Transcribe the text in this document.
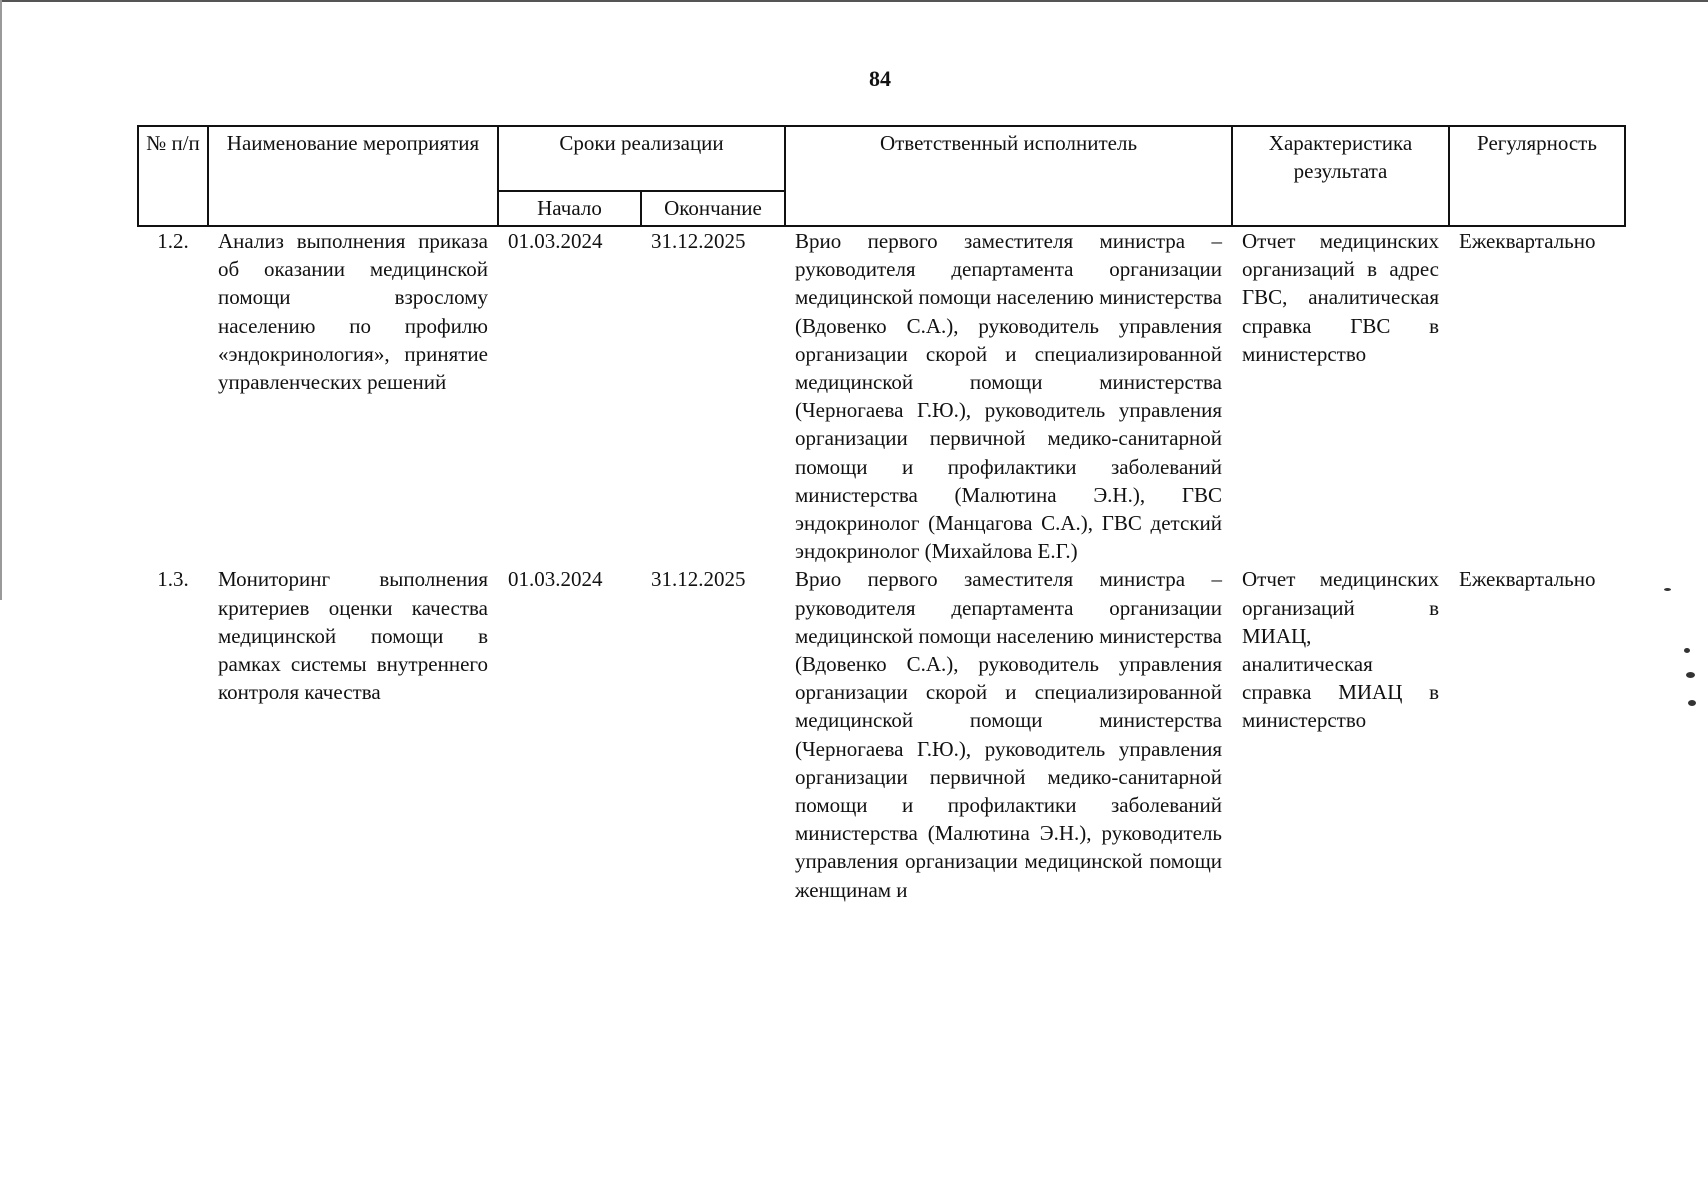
84
№ п/п	Наименование мероприятия	Сроки реализации		Ответственный исполнитель	Характеристика результата	Регулярность
		Начало	Окончание			
1.2.	Анализ выполнения приказа об оказании медицинской помощи взрослому населению по профилю «эндокринология», принятие управленческих решений	01.03.2024	31.12.2025	Врио первого заместителя министра – руководителя департамента организации медицинской помощи населению министерства (Вдовенко С.А.), руководитель управления организации скорой и специализированной медицинской помощи министерства (Черногаева Г.Ю.), руководитель управления организации первичной медико-санитарной помощи и профилактики заболеваний министерства (Малютина Э.Н.), ГВС эндокринолог (Манцагова С.А.), ГВС детский эндокринолог (Михайлова Е.Г.)	Отчет медицинских организаций в адрес ГВС, аналитическая справка ГВС в министерство	Ежеквартально
1.3.	Мониторинг выполнения критериев оценки качества медицинской помощи в рамках системы внутреннего контроля качества	01.03.2024	31.12.2025	Врио первого заместителя министра – руководителя департамента организации медицинской помощи населению министерства (Вдовенко С.А.), руководитель управления организации скорой и специализированной медицинской помощи министерства (Черногаева Г.Ю.), руководитель управления организации первичной медико-санитарной помощи и профилактики заболеваний министерства (Малютина Э.Н.), руководитель управления организации медицинской помощи женщинам и	Отчет медицинских организаций в МИАЦ, аналитическая справка МИАЦ в министерство	Ежеквартально
